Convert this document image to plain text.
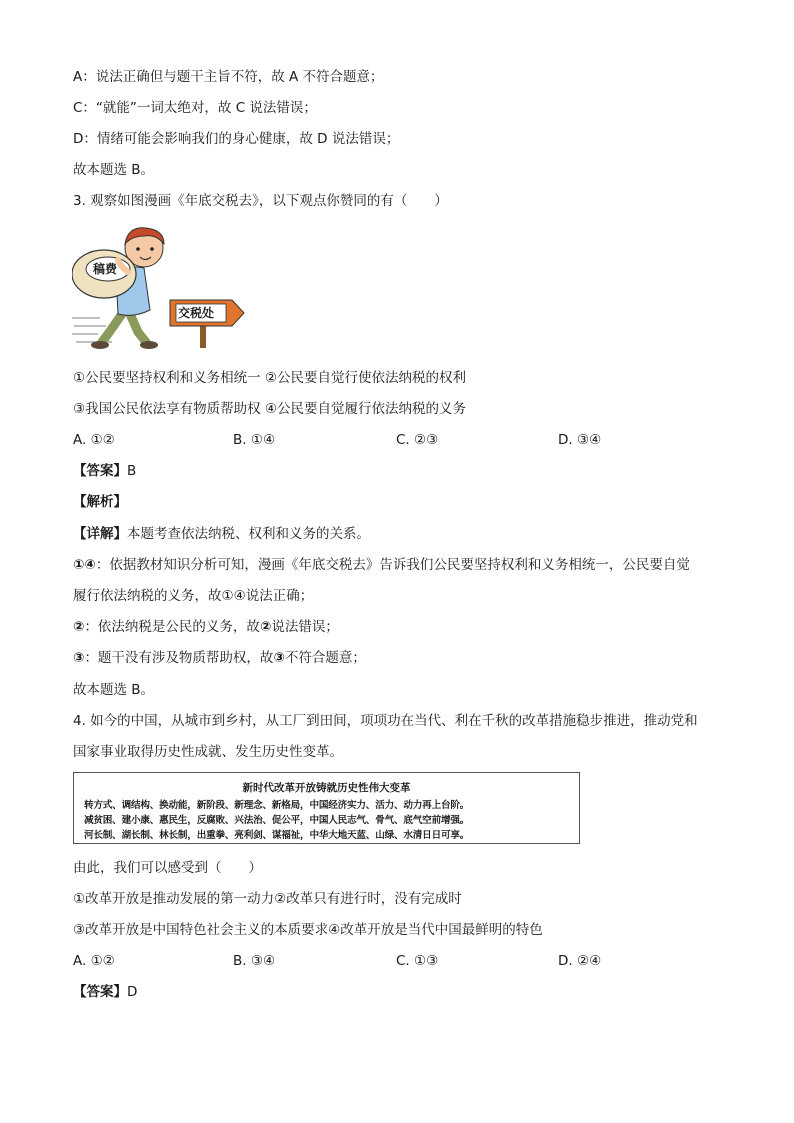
A：说法正确但与题干主旨不符，故 A 不符合题意；
C：“就能”一词太绝对，故 C 说法错误；
D：情绪可能会影响我们的身心健康，故 D 说法错误；
故本题选 B。
3. 观察如图漫画《年底交税去》，以下观点你赞同的有（　　）
稿费
交税处
①公民要坚持权利和义务相统一 ②公民要自觉行使依法纳税的权利
③我国公民依法享有物质帮助权 ④公民要自觉履行依法纳税的义务
A. ①②	B. ①④	C. ②③	D. ③④
【答案】B
【解析】
【详解】本题考查依法纳税、权利和义务的关系。
①④：依据教材知识分析可知，漫画《年底交税去》告诉我们公民要坚持权利和义务相统一，公民要自觉
履行依法纳税的义务，故①④说法正确；
②：依法纳税是公民的义务，故②说法错误；
③：题干没有涉及物质帮助权，故③不符合题意；
故本题选 B。
4. 如今的中国，从城市到乡村，从工厂到田间，项项功在当代、利在千秋的改革措施稳步推进，推动党和
国家事业取得历史性成就、发生历史性变革。
新时代改革开放铸就历史性伟大变革
转方式、调结构、换动能，新阶段、新理念、新格局，中国经济实力、活力、动力再上台阶。
减贫困、建小康、惠民生，反腐败、兴法治、促公平，中国人民志气、骨气、底气空前增强。
河长制、湖长制、林长制，出重拳、亮利剑、谋福祉，中华大地天蓝、山绿、水清日日可享。
由此，我们可以感受到（　　）
①改革开放是推动发展的第一动力②改革只有进行时，没有完成时
③改革开放是中国特色社会主义的本质要求④改革开放是当代中国最鲜明的特色
A. ①②	B. ③④	C. ①③	D. ②④
【答案】D
